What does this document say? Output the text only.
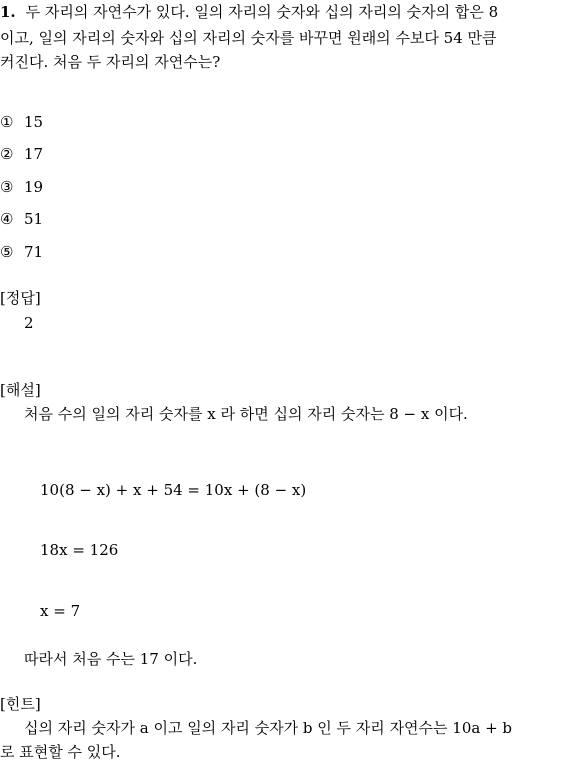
1. 두 자리의 자연수가 있다. 일의 자리의 숫자와 십의 자리의 숫자의 합은 8
이고, 일의 자리의 숫자와 십의 자리의 숫자를 바꾸면 원래의 수보다 54 만큼
커진다. 처음 두 자리의 자연수는?
① 15
② 17
③ 19
④ 51
⑤ 71
[정답]
2
[해설]
처음 수의 일의 자리 숫자를 x 라 하면 십의 자리 숫자는 8 − x 이다.
10(8 − x) + x + 54 = 10x + (8 − x)
18x = 126
x = 7
따라서 처음 수는 17 이다.
[힌트]
십의 자리 숫자가 a 이고 일의 자리 숫자가 b 인 두 자리 자연수는 10a + b
로 표현할 수 있다.
